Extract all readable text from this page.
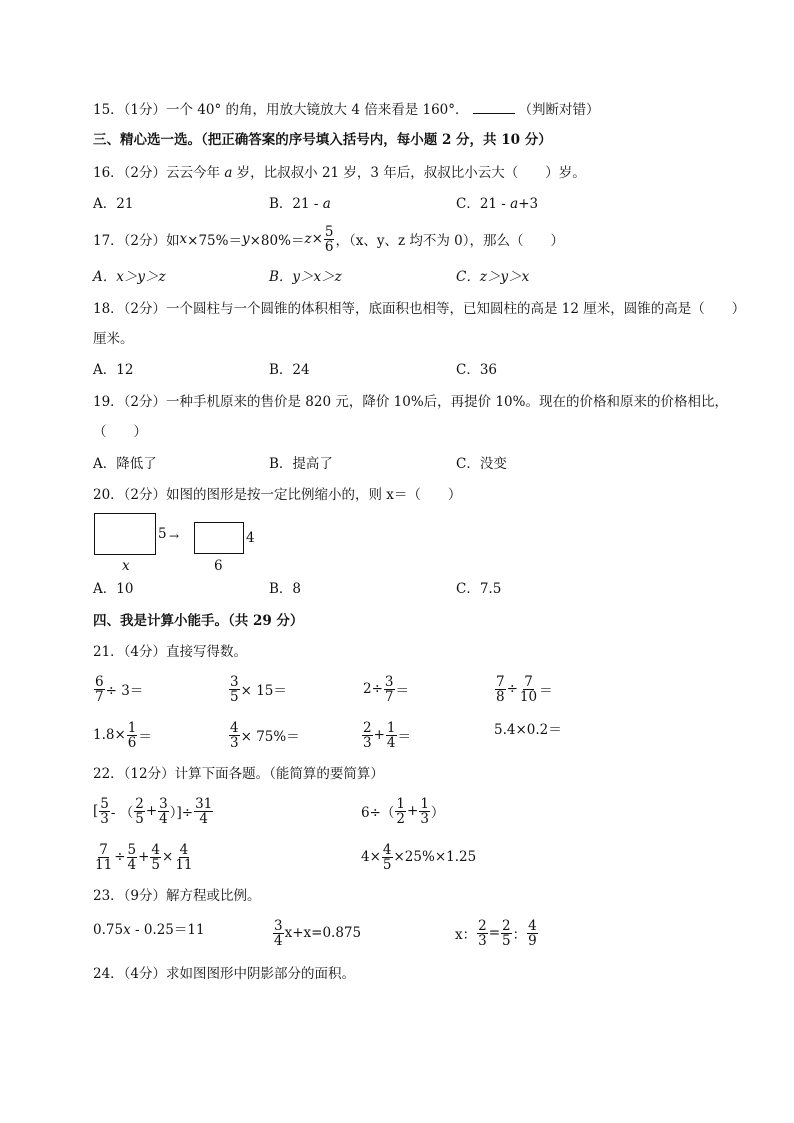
15．（1分）一个 40° 的角，用放大镜放大 4 倍来看是 160°．	（判断对错）
三、精心选一选。（把正确答案的序号填入括号内，每小题 2 分，共 10 分）
16．（2分）云云今年 a 岁，比叔叔小 21 岁，3 年后，叔叔比小云大（　　）岁。
A．21	B．21 - a	C．21 - a+3
17．（2分）如 $x \times 75\%= y \times 80\%= z \times \frac{5}{6}$ ，（x、y、z 均不为 0），那么（　　）
A．x＞y＞z	B．y＞x＞z	C．z＞y＞x
18．（2分）一个圆柱与一个圆锥的体积相等，底面积也相等，已知圆柱的高是 12 厘米，圆锥的高是（　　）
厘米。
A．12	B．24	C．36
19．（2分）一种手机原来的售价是 820 元，降价 10%后，再提价 10%。现在的价格和原来的价格相比，
（　　）
A．降低了	B．提高了	C．没变
20．（2分）如图的图形是按一定比例缩小的，则 x＝（　　）
5
x
→	4
6
A．10	B．8	C．7.5
四、我是计算小能手。（共 29 分）
21．（4分）直接写得数。
$\frac{6}{7} \div 3=$	$\frac{3}{5} \times 15=$	$2\div \frac{3}{7}$ ＝	$\frac{7}{8} \div \frac{7}{10}$ ＝
$1.8\times \frac{1}{6}$ ＝	$\frac{4}{3} \times 75\%=$	$\frac{2}{3} + \frac{1}{4}$ ＝	5.4×0.2＝
22．（12分）计算下面各题。（能简算的要简算）
[ $\frac{5}{3}$ - （ $\frac{2}{5} + \frac{3}{4}$ ）]÷ $\frac{31}{4}$	$6\div( \frac{1}{2} + \frac{1}{3}$ ）
$\frac{7}{11} \div \frac{5}{4} + \frac{4}{5} \times \frac{4}{11}$	$4\times \frac{4}{5} \times 25\%\times 1.25$
23．（9分）解方程或比例。
0.75x - 0.25＝11	$\frac{3}{4} x+x=0.875$	x： $\frac{2}{3} = \frac{2}{5}$ ： $\frac{4}{9}$
24．（4分）求如图图形中阴影部分的面积。
